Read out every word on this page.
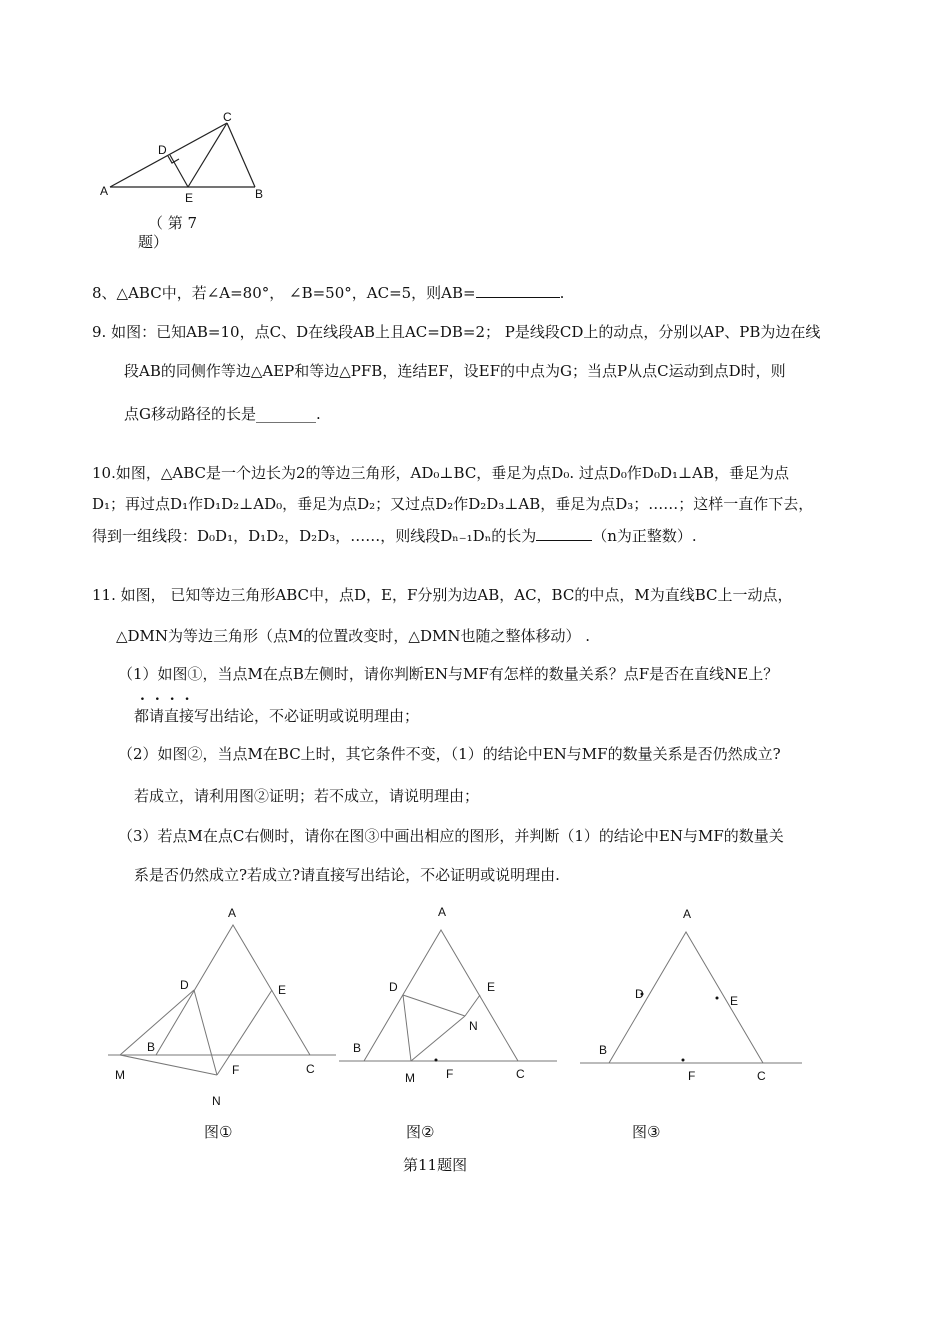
A	B
C
D
E
（ 第 7
题）
8、△ABC中，若∠A=80°， ∠B=50°，AC=5，则AB=	.
9. 如图：已知AB=10，点C、D在线段AB上且AC=DB=2； P是线段CD上的动点，分别以AP、PB为边在线
段AB的同侧作等边△AEP和等边△PFB，连结EF，设EF的中点为G；当点P从点C运动到点D时，则
点G移动路径的长是________.
10.如图，△ABC是一个边长为2的等边三角形，AD₀⊥BC，垂足为点D₀. 过点D₀作D₀D₁⊥AB，垂足为点
D₁；再过点D₁作D₁D₂⊥AD₀，垂足为点D₂；又过点D₂作D₂D₃⊥AB，垂足为点D₃；……；这样一直作下去，
得到一组线段：D₀D₁，D₁D₂，D₂D₃，……，则线段Dₙ₋₁Dₙ的长为	（n为正整数）.
11. 如图， 已知等边三角形ABC中，点D，E，F分别为边AB，AC，BC的中点，M为直线BC上一动点，
△DMN为等边三角形（点M的位置改变时，△DMN也随之整体移动） .
（1）如图①，当点M在点B左侧时，请你判断EN与MF有怎样的数量关系？点F是否在直线NE上？
....
都请直接写出结论，不必证明或说明理由；
（2）如图②，当点M在BC上时，其它条件不变，（1）的结论中EN与MF的数量关系是否仍然成立?
若成立，请利用图②证明；若不成立，请说明理由；
（3）若点M在点C右侧时，请你在图③中画出相应的图形，并判断（1）的结论中EN与MF的数量关
系是否仍然成立?若成立?请直接写出结论，不必证明或说明理由.
A
D	E
B
M	F	C
N
图①
A
D	E
N
B
M	F	C
图②
A
D	E
B
F	C
图③
第11题图
